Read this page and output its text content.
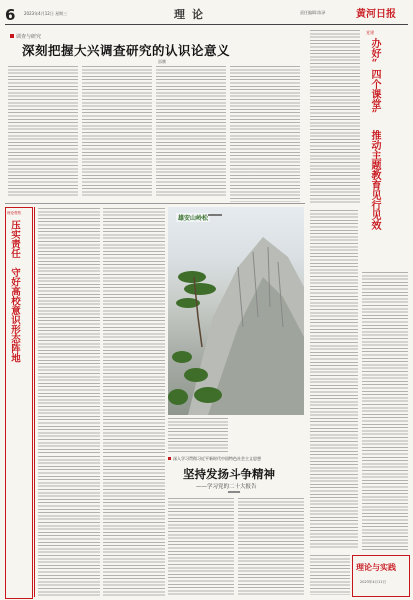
6 2023年4月12日 星期三	理论	责任编辑:陈泽	黄河日报
调查与研究
深刻把握大兴调查研究的认识论意义
邵鹏
党建
办好“四个课堂”　推动主题教育见行见效
理论观察
压实责任　守好高校意识形态阵地
雄安山岭松
深入学习贯彻习近平新时代中国特色社会主义思想
坚持发扬斗争精神
——学习党的二十大报告
理论与实践
2023年4月11日
